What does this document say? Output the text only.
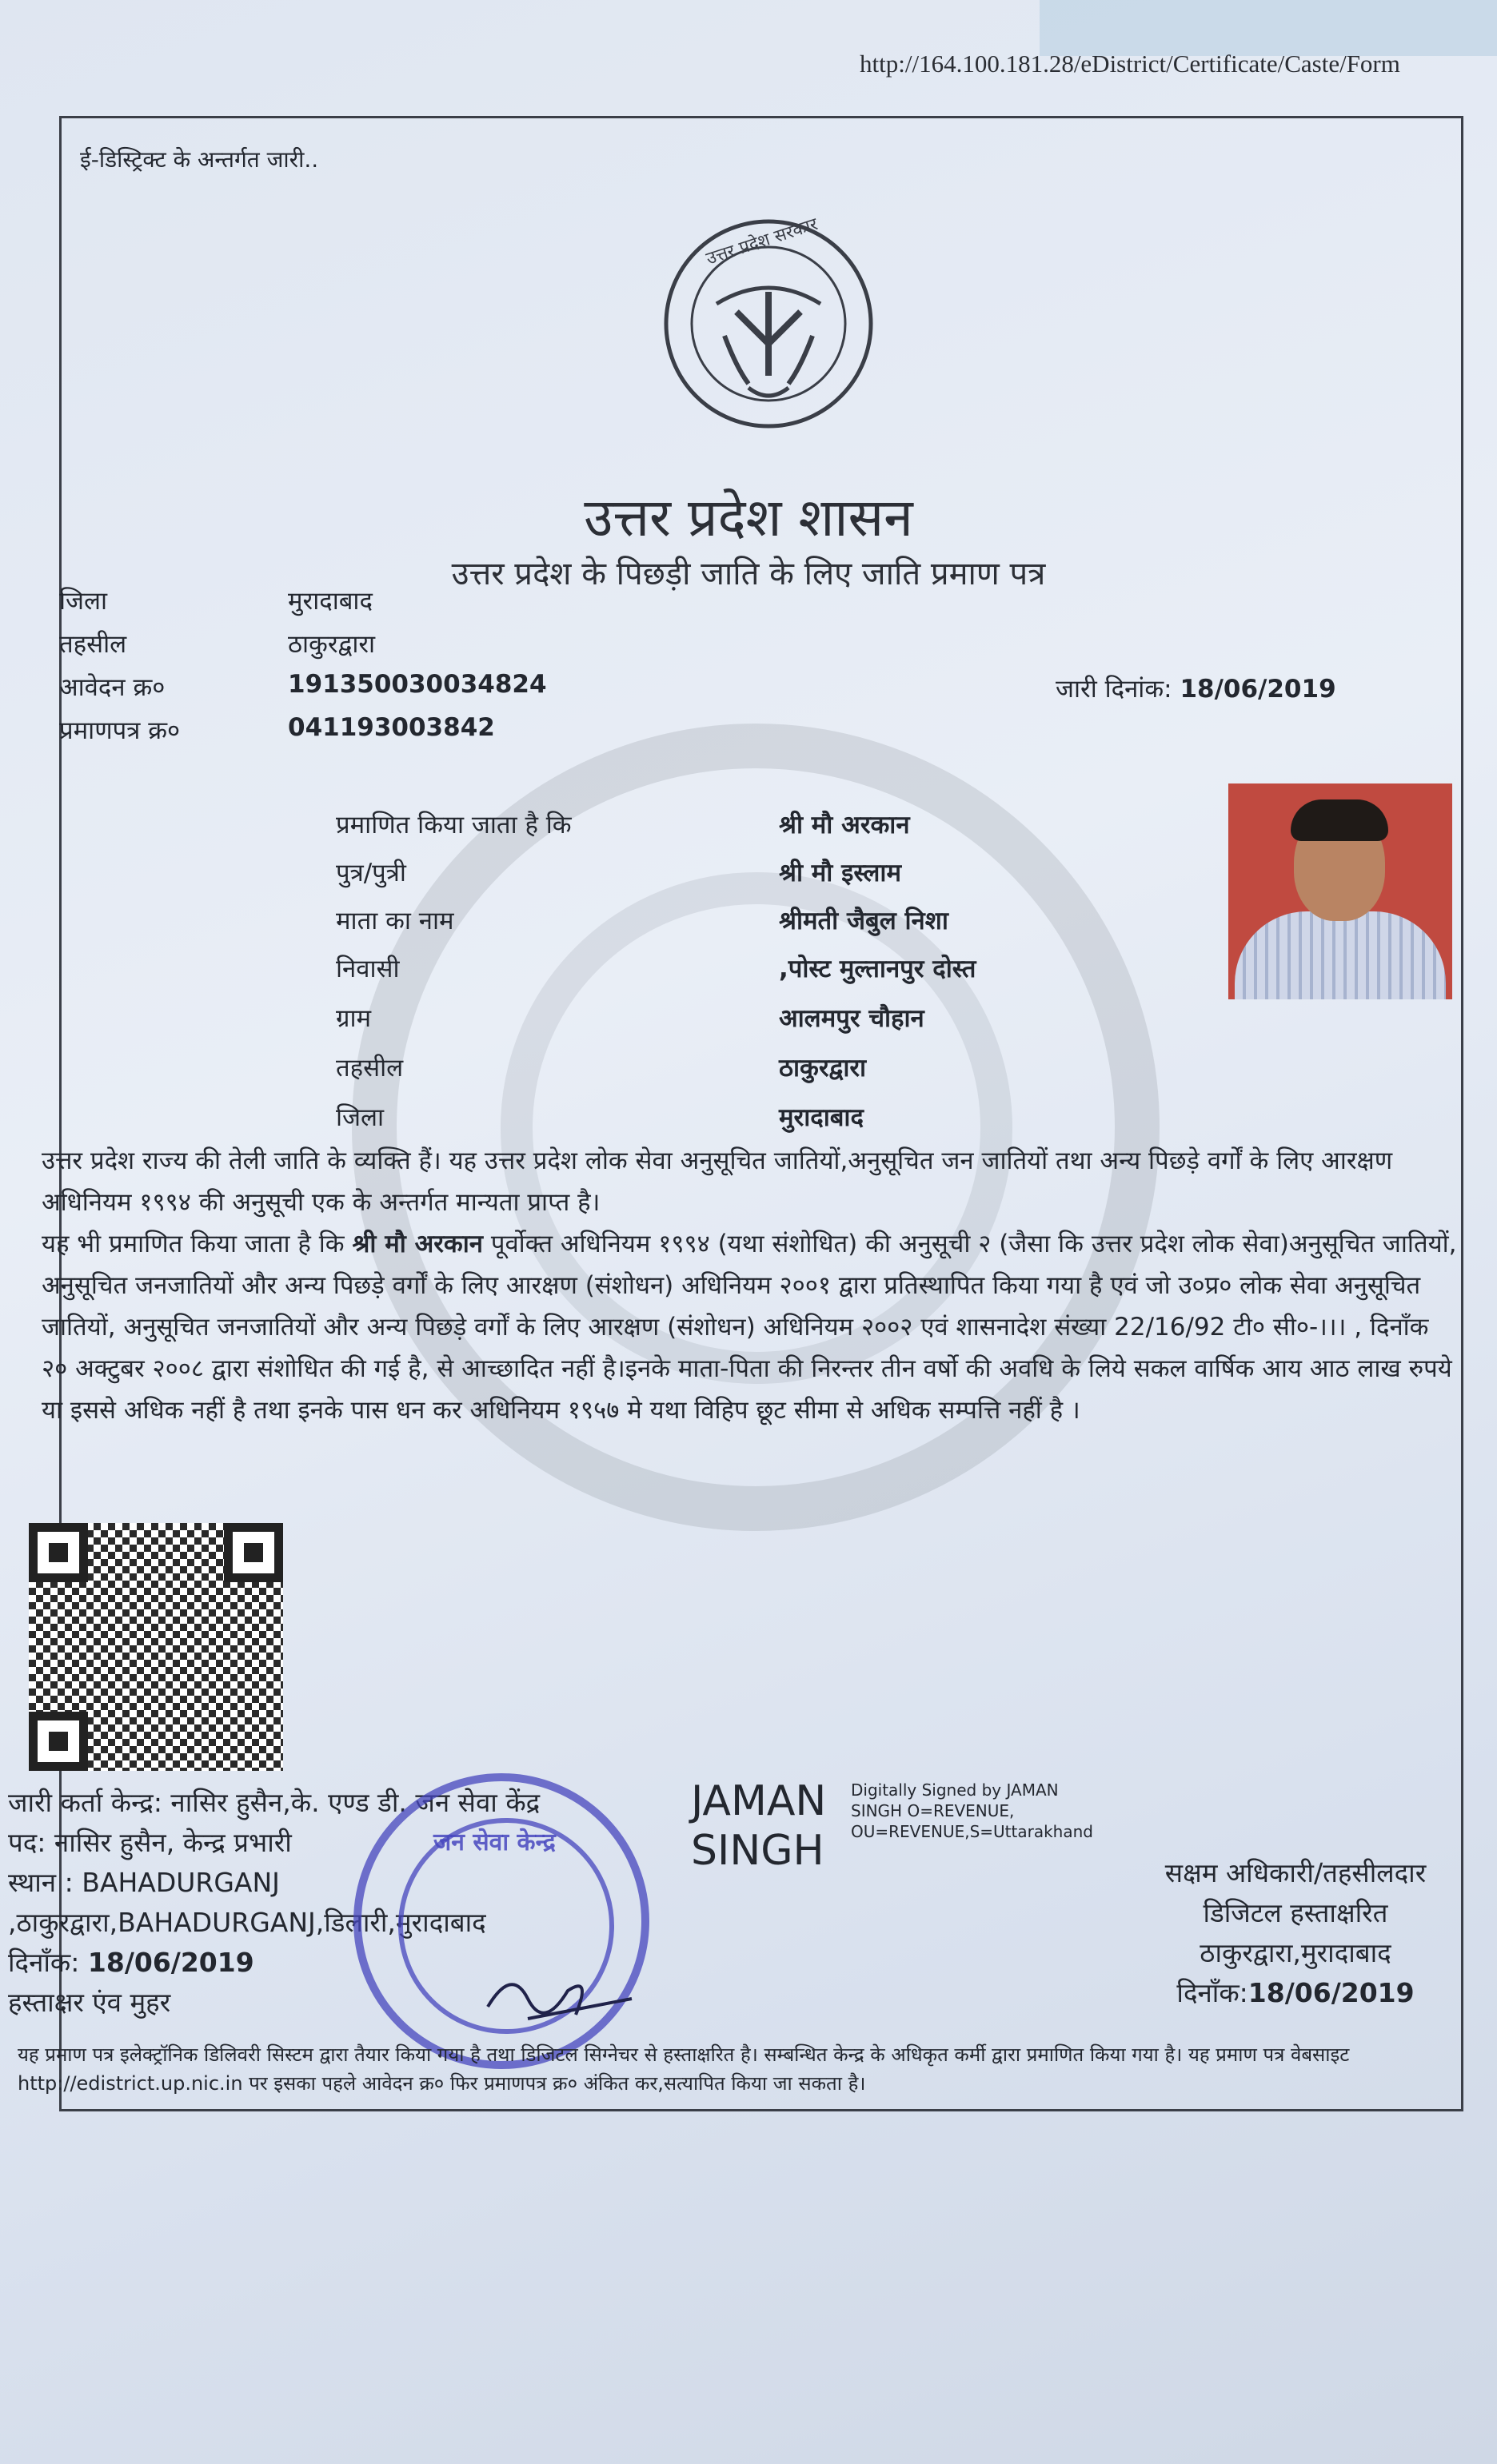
http://164.100.181.28/eDistrict/Certificate/Caste/Form
ई-डिस्ट्रिक्ट के अन्तर्गत जारी..
उत्तर प्रदेश सरकार
उत्तर प्रदेश शासन
उत्तर प्रदेश के पिछड़ी जाति के लिए जाति प्रमाण पत्र
जिला	मुरादाबाद
तहसील	ठाकुरद्वारा
आवेदन क्र०	19135003003482​4
प्रमाणपत्र क्र०	041193003842
जारी दिनांक: 18/06/2019
प्रमाणित किया जाता है कि	श्री मौ अरकान
पुत्र/पुत्री	श्री मौ इस्लाम
माता का नाम	श्रीमती जैबुल निशा
निवासी	,पोस्ट मुल्तानपुर दोस्त
ग्राम	आलमपुर चौहान
तहसील	ठाकुरद्वारा
जिला	मुरादाबाद
उत्तर प्रदेश राज्य की तेली जाति के व्यक्ति हैं। यह उत्तर प्रदेश लोक सेवा अनुसूचित जातियों,अनुसूचित जन जातियों तथा अन्य पिछड़े वर्गों के लिए आरक्षण अधिनियम १९९४ की अनुसूची एक के अन्तर्गत मान्यता प्राप्त है।
यह भी प्रमाणित किया जाता है कि श्री मौ अरकान पूर्वोक्त अधिनियम १९९४ (यथा संशोधित) की अनुसूची २ (जैसा कि उत्तर प्रदेश लोक सेवा)अनुसूचित जातियों, अनुसूचित जनजातियों और अन्य पिछड़े वर्गों के लिए आरक्षण (संशोधन) अधिनियम २००१ द्वारा प्रतिस्थापित किया गया है एवं जो उ०प्र० लोक सेवा अनुसूचित जातियों, अनुसूचित जनजातियों और अन्य पिछड़े वर्गों के लिए आरक्षण (संशोधन) अधिनियम २००२ एवं शासनादेश संख्या 22/16/92 टी० सी०-।।। , दिनाँक २० अक्टुबर २००८ द्वारा संशोधित की गई है, से आच्छादित नहीं है।इनके माता-पिता की निरन्तर तीन वर्षो की अवधि के लिये सकल वार्षिक आय आठ लाख रुपये या इससे अधिक नहीं है तथा इनके पास धन कर अधिनियम १९५७ मे यथा विहिप छूट सीमा से अधिक सम्पत्ति नहीं है ।
जारी कर्ता केन्द्र: नासिर हुसैन,के. एण्ड डी. जन सेवा केंद्र
पद: नासिर हुसैन, केन्द्र प्रभारी
स्थान : BAHADURGANJ
,ठाकुरद्वारा,BAHADURGANJ,डिलारी,मुरादाबाद
दिनाँक: 18/06/2019
हस्ताक्षर एंव मुहर
जन सेवा केन्द्र
JAMAN
SINGH
Digitally Signed by JAMAN
SINGH O=REVENUE,
OU=REVENUE,S=Uttarakhand
सक्षम अधिकारी/तहसीलदार
डिजिटल हस्ताक्षरित
ठाकुरद्वारा,मुरादाबाद
दिनाँक:18/06/2019
यह प्रमाण पत्र इलेक्ट्रॉनिक डिलिवरी सिस्टम द्वारा तैयार किया गया है तथा डिजिटल सिग्नेचर से हस्ताक्षरित है। सम्बन्धित केन्द्र के अधिकृत कर्मी द्वारा प्रमाणित किया गया है। यह प्रमाण पत्र वेबसाइट http://edistrict.up.nic.in पर इसका पहले आवेदन क्र० फिर प्रमाणपत्र क्र० अंकित कर,सत्यापित किया जा सकता है।
